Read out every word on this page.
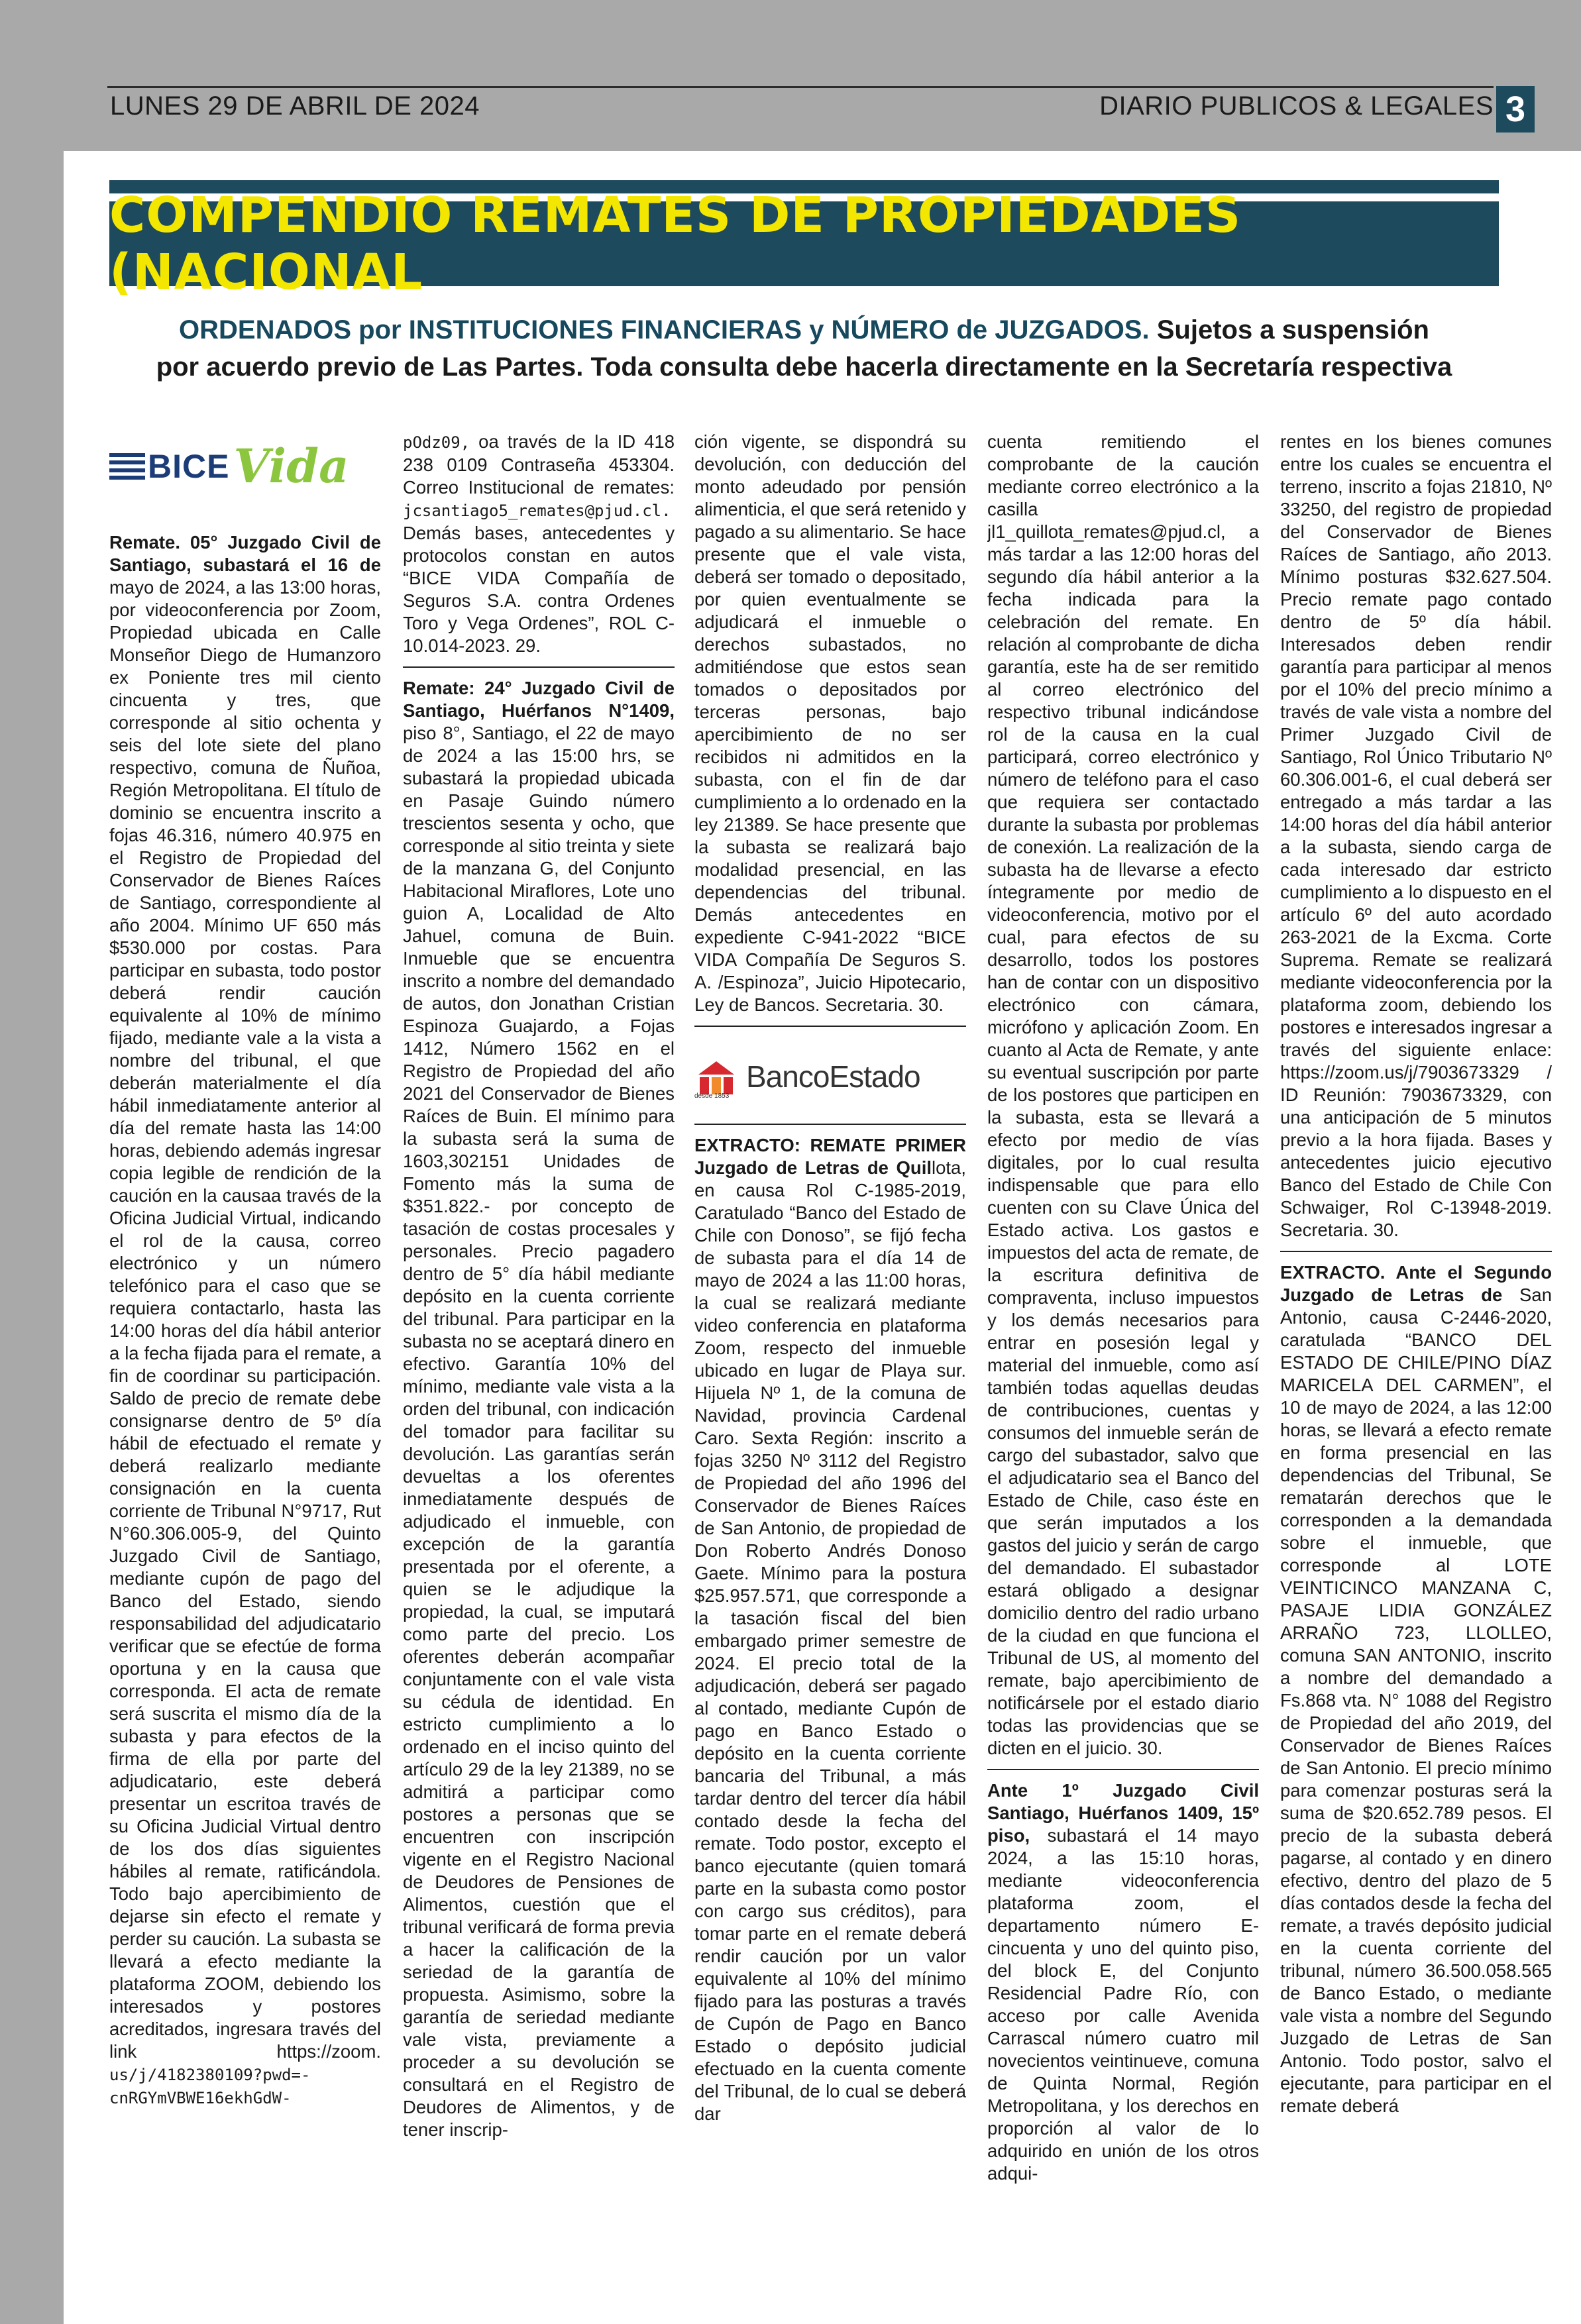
LUNES 29 DE ABRIL DE 2024	DIARIO PUBLICOS & LEGALES 3
COMPENDIO REMATES DE PROPIEDADES (NACIONAL
ORDENADOS por INSTITUCIONES FINANCIERAS y NÚMERO de JUZGADOS. Sujetos a suspensión
por acuerdo previo de Las Partes. Toda consulta debe hacerla directamente en la Secretaría respectiva
BICE Vida
Remate. 05° Juzgado Civil de Santiago, subastará el 16 de mayo de 2024, a las 13:00 horas, por videoconferencia por Zoom, Propiedad ubicada en Calle Monseñor Diego de Humanzoro ex Poniente tres mil ciento cincuenta y tres, que corresponde al sitio ochenta y seis del lote siete del plano respectivo, comuna de Ñuñoa, Región Metropolitana. El título de dominio se encuentra inscrito a fojas 46.316, número 40.975 en el Registro de Propiedad del Conservador de Bienes Raíces de Santiago, correspondiente al año 2004. Mínimo UF 650 más $530.000 por costas. Para participar en subasta, todo postor deberá rendir caución equivalente al 10% de mínimo fijado, mediante vale a la vista a nombre del tribunal, el que deberán materialmente el día hábil inmediatamente anterior al día del remate hasta las 14:00 horas, debiendo además ingresar copia legible de rendición de la caución en la causaa través de la Oficina Judicial Virtual, indicando el rol de la causa, correo electrónico y un número telefónico para el caso que se requiera contactarlo, hasta las 14:00 horas del día hábil anterior a la fecha fijada para el remate, a fin de coordinar su participación. Saldo de precio de remate debe consignarse dentro de 5º día hábil de efectuado el remate y deberá realizarlo mediante consignación en la cuenta corriente de Tribunal N°9717, Rut N°60.306.005-9, del Quinto Juzgado Civil de Santiago, mediante cupón de pago del Banco del Estado, siendo responsabilidad del adjudicatario verificar que se efectúe de forma oportuna y en la causa que corresponda. El acta de remate será suscrita el mismo día de la subasta y para efectos de la firma de ella por parte del adjudicatario, este deberá presentar un escritoa través de su Oficina Judicial Virtual dentro de los dos días siguientes hábiles al remate, ratificándola. Todo bajo apercibimiento de dejarse sin efecto el remate y perder su caución. La subasta se llevará a efecto mediante la plataforma ZOOM, debiendo los interesados y postores acreditados, ingresara través del link https://zoom. us/j/4182380109?pwd=-cnRGYmVBWE16ekhGdW-
pOdz09, oa través de la ID 418 238 0109 Contraseña 453304. Correo Institucional de remates: jcsantiago5_remates@pjud.cl. Demás bases, antecedentes y protocolos constan en autos “BICE VIDA Compañía de Seguros S.A. contra Ordenes Toro y Vega Ordenes”, ROL C-10.014-2023. 29.
Remate: 24° Juzgado Civil de Santiago, Huérfanos N°1409, piso 8°, Santiago, el 22 de mayo de 2024 a las 15:00 hrs, se subastará la propiedad ubicada en Pasaje Guindo número trescientos sesenta y ocho, que corresponde al sitio treinta y siete de la manzana G, del Conjunto Habitacional Miraflores, Lote uno guion A, Localidad de Alto Jahuel, comuna de Buin. Inmueble que se encuentra inscrito a nombre del demandado de autos, don Jonathan Cristian Espinoza Guajardo, a Fojas 1412, Número 1562 en el Registro de Propiedad del año 2021 del Conservador de Bienes Raíces de Buin. El mínimo para la subasta será la suma de 1603,302151 Unidades de Fomento más la suma de $351.822.- por concepto de tasación de costas procesales y personales. Precio pagadero dentro de 5° día hábil mediante depósito en la cuenta corriente del tribunal. Para participar en la subasta no se aceptará dinero en efectivo. Garantía 10% del mínimo, mediante vale vista a la orden del tribunal, con indicación del tomador para facilitar su devolución. Las garantías serán devueltas a los oferentes inmediatamente después de adjudicado el inmueble, con excepción de la garantía presentada por el oferente, a quien se le adjudique la propiedad, la cual, se imputará como parte del precio. Los oferentes deberán acompañar conjuntamente con el vale vista su cédula de identidad. En estricto cumplimiento a lo ordenado en el inciso quinto del artículo 29 de la ley 21389, no se admitirá a participar como postores a personas que se encuentren con inscripción vigente en el Registro Nacional de Deudores de Pensiones de Alimentos, cuestión que el tribunal verificará de forma previa a hacer la calificación de la seriedad de la garantía de propuesta. Asimismo, sobre la garantía de seriedad mediante vale vista, previamente a proceder a su devolución se consultará en el Registro de Deudores de Alimentos, y de tener inscrip-
ción vigente, se dispondrá su devolución, con deducción del monto adeudado por pensión alimenticia, el que será retenido y pagado a su alimentario. Se hace presente que el vale vista, deberá ser tomado o depositado, por quien eventualmente se adjudicará el inmueble o derechos subastados, no admitiéndose que estos sean tomados o depositados por terceras personas, bajo apercibimiento de no ser recibidos ni admitidos en la subasta, con el fin de dar cumplimiento a lo ordenado en la ley 21389. Se hace presente que la subasta se realizará bajo modalidad presencial, en las dependencias del tribunal. Demás antecedentes en expediente C-941-2022 “BICE VIDA Compañía De Seguros S. A. /Espinoza”, Juicio Hipotecario, Ley de Bancos. Secretaria. 30.
desde 1853
BancoEstado
EXTRACTO: REMATE PRIMER Juzgado de Letras de Quillota, en causa Rol C-1985-2019, Caratulado “Banco del Estado de Chile con Donoso”, se fijó fecha de subasta para el día 14 de mayo de 2024 a las 11:00 horas, la cual se realizará mediante video conferencia en plataforma Zoom, respecto del inmueble ubicado en lugar de Playa sur. Hijuela Nº 1, de la comuna de Navidad, provincia Cardenal Caro. Sexta Región: inscrito a fojas 3250 Nº 3112 del Registro de Propiedad del año 1996 del Conservador de Bienes Raíces de San Antonio, de propiedad de Don Roberto Andrés Donoso Gaete. Mínimo para la postura $25.957.571, que corresponde a la tasación fiscal del bien embargado primer semestre de 2024. El precio total de la adjudicación, deberá ser pagado al contado, mediante Cupón de pago en Banco Estado o depósito en la cuenta corriente bancaria del Tribunal, a más tardar dentro del tercer día hábil contado desde la fecha del remate. Todo postor, excepto el banco ejecutante (quien tomará parte en la subasta como postor con cargo sus créditos), para tomar parte en el remate deberá rendir caución por un valor equivalente al 10% del mínimo fijado para las posturas a través de Cupón de Pago en Banco Estado o depósito judicial efectuado en la cuenta comente del Tribunal, de lo cual se deberá dar
cuenta remitiendo el comprobante de la caución mediante correo electrónico a la casilla jl1_quillota_remates@pjud.cl, a más tardar a las 12:00 horas del segundo día hábil anterior a la fecha indicada para la celebración del remate. En relación al comprobante de dicha garantía, este ha de ser remitido al correo electrónico del respectivo tribunal indicándose rol de la causa en la cual participará, correo electrónico y número de teléfono para el caso que requiera ser contactado durante la subasta por problemas de conexión. La realización de la subasta ha de llevarse a efecto íntegramente por medio de videoconferencia, motivo por el cual, para efectos de su desarrollo, todos los postores han de contar con un dispositivo electrónico con cámara, micrófono y aplicación Zoom. En cuanto al Acta de Remate, y ante su eventual suscripción por parte de los postores que participen en la subasta, esta se llevará a efecto por medio de vías digitales, por lo cual resulta indispensable que para ello cuenten con su Clave Única del Estado activa. Los gastos e impuestos del acta de remate, de la escritura definitiva de compraventa, incluso impuestos y los demás necesarios para entrar en posesión legal y material del inmueble, como así también todas aquellas deudas de contribuciones, cuentas y consumos del inmueble serán de cargo del subastador, salvo que el adjudicatario sea el Banco del Estado de Chile, caso éste en que serán imputados a los gastos del juicio y serán de cargo del demandado. El subastador estará obligado a designar domicilio dentro del radio urbano de la ciudad en que funciona el Tribunal de US, al momento del remate, bajo apercibimiento de notificársele por el estado diario todas las providencias que se dicten en el juicio. 30.
Ante 1º Juzgado Civil Santiago, Huérfanos 1409, 15º piso, subastará el 14 mayo 2024, a las 15:10 horas, mediante videoconferencia plataforma zoom, el departamento número E- cincuenta y uno del quinto piso, del block E, del Conjunto Residencial Padre Río, con acceso por calle Avenida Carrascal número cuatro mil novecientos veintinueve, comuna de Quinta Normal, Región Metropolitana, y los derechos en proporción al valor de lo adquirido en unión de los otros adqui-
rentes en los bienes comunes entre los cuales se encuentra el terreno, inscrito a fojas 21810, Nº 33250, del registro de propiedad del Conservador de Bienes Raíces de Santiago, año 2013. Mínimo posturas $32.627.504. Precio remate pago contado dentro de 5º día hábil. Interesados deben rendir garantía para participar al menos por el 10% del precio mínimo a través de vale vista a nombre del Primer Juzgado Civil de Santiago, Rol Único Tributario Nº 60.306.001-6, el cual deberá ser entregado a más tardar a las 14:00 horas del día hábil anterior a la subasta, siendo carga de cada interesado dar estricto cumplimiento a lo dispuesto en el artículo 6º del auto acordado 263-2021 de la Excma. Corte Suprema. Remate se realizará mediante videoconferencia por la plataforma zoom, debiendo los postores e interesados ingresar a través del siguiente enlace: https://zoom.us/j/7903673329 / ID Reunión: 7903673329, con una anticipación de 5 minutos previo a la hora fijada. Bases y antecedentes juicio ejecutivo Banco del Estado de Chile Con Schwaiger, Rol C-13948-2019. Secretaria. 30.
EXTRACTO. Ante el Segundo Juzgado de Letras de San Antonio, causa C-2446-2020, caratulada “BANCO DEL ESTADO DE CHILE/PINO DÍAZ MARICELA DEL CARMEN”, el 10 de mayo de 2024, a las 12:00 horas, se llevará a efecto remate en forma presencial en las dependencias del Tribunal, Se rematarán derechos que le corresponden a la demandada sobre el inmueble, que corresponde al LOTE VEINTICINCO MANZANA C, PASAJE LIDIA GONZÁLEZ ARRAÑO 723, LLOLLEO, comuna SAN ANTONIO, inscrito a nombre del demandado a Fs.868 vta. N° 1088 del Registro de Propiedad del año 2019, del Conservador de Bienes Raíces de San Antonio. El precio mínimo para comenzar posturas será la suma de $20.652.789 pesos. El precio de la subasta deberá pagarse, al contado y en dinero efectivo, dentro del plazo de 5 días contados desde la fecha del remate, a través depósito judicial en la cuenta corriente del tribunal, número 36.500.058.565 de Banco Estado, o mediante vale vista a nombre del Segundo Juzgado de Letras de San Antonio. Todo postor, salvo el ejecutante, para participar en el remate deberá
